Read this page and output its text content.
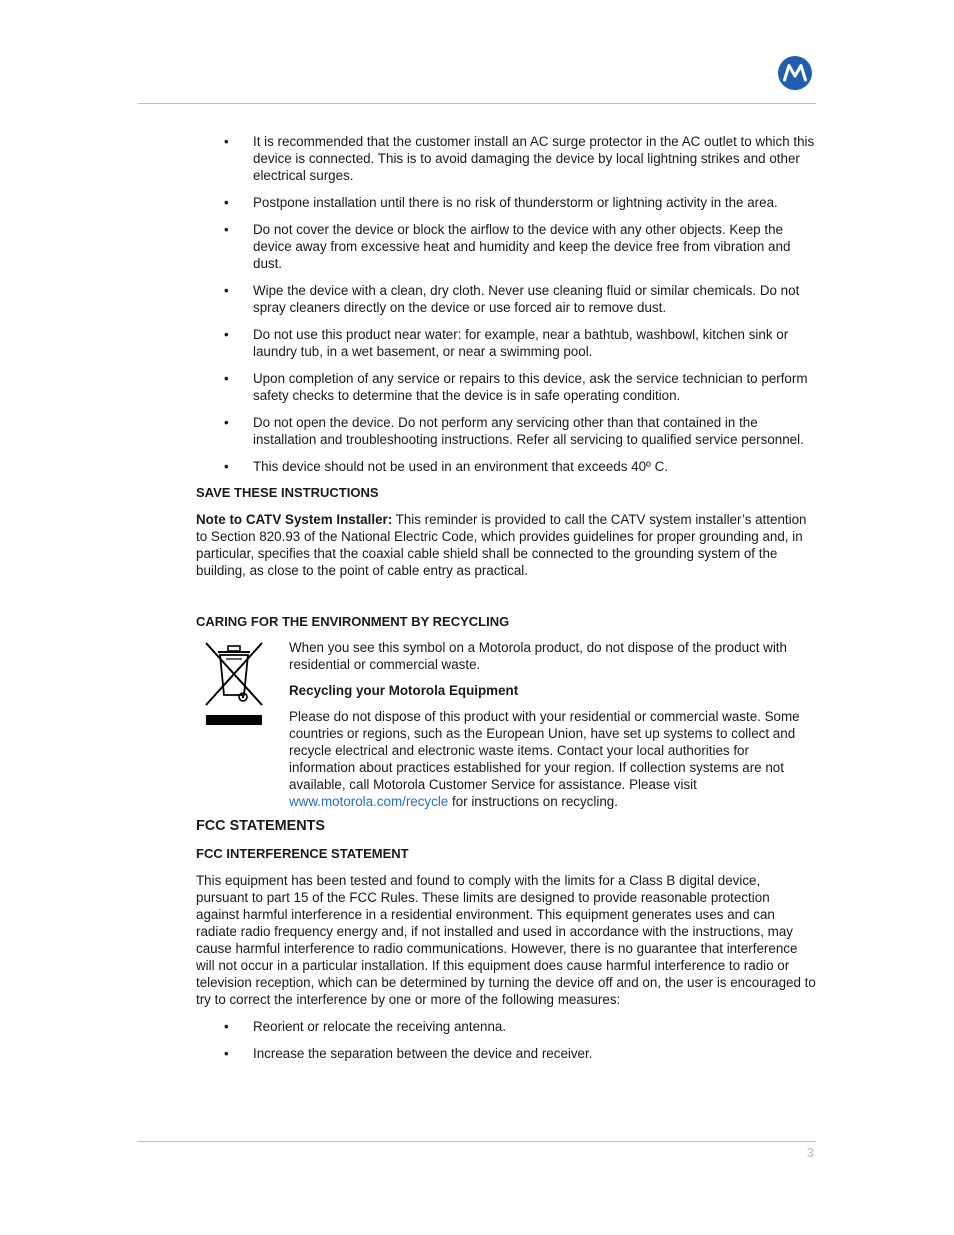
• It is recommended that the customer install an AC surge protector in the AC outlet to which this device is connected. This is to avoid damaging the device by local lightning strikes and other electrical surges.
• Postpone installation until there is no risk of thunderstorm or lightning activity in the area.
• Do not cover the device or block the airflow to the device with any other objects. Keep the device away from excessive heat and humidity and keep the device free from vibration and dust.
• Wipe the device with a clean, dry cloth. Never use cleaning fluid or similar chemicals. Do not spray cleaners directly on the device or use forced air to remove dust.
• Do not use this product near water: for example, near a bathtub, washbowl, kitchen sink or laundry tub, in a wet basement, or near a swimming pool.
• Upon completion of any service or repairs to this device, ask the service technician to perform safety checks to determine that the device is in safe operating condition.
• Do not open the device. Do not perform any servicing other than that contained in the installation and troubleshooting instructions. Refer all servicing to qualified service personnel.
• This device should not be used in an environment that exceeds 40º C.

SAVE THESE INSTRUCTIONS

Note to CATV System Installer: This reminder is provided to call the CATV system installer’s attention to Section 820.93 of the National Electric Code, which provides guidelines for proper grounding and, in particular, specifies that the coaxial cable shield shall be connected to the grounding system of the building, as close to the point of cable entry as practical.

CARING FOR THE ENVIRONMENT BY RECYCLING

When you see this symbol on a Motorola product, do not dispose of the product with residential or commercial waste.

Recycling your Motorola Equipment

Please do not dispose of this product with your residential or commercial waste. Some countries or regions, such as the European Union, have set up systems to collect and recycle electrical and electronic waste items. Contact your local authorities for information about practices established for your region. If collection systems are not available, call Motorola Customer Service for assistance. Please visit www.motorola.com/recycle for instructions on recycling.

FCC STATEMENTS

FCC INTERFERENCE STATEMENT

This equipment has been tested and found to comply with the limits for a Class B digital device, pursuant to part 15 of the FCC Rules. These limits are designed to provide reasonable protection against harmful interference in a residential environment. This equipment generates uses and can radiate radio frequency energy and, if not installed and used in accordance with the instructions, may cause harmful interference to radio communications. However, there is no guarantee that interference will not occur in a particular installation. If this equipment does cause harmful interference to radio or television reception, which can be determined by turning the device off and on, the user is encouraged to try to correct the interference by one or more of the following measures:

• Reorient or relocate the receiving antenna.
• Increase the separation between the device and receiver.
3
